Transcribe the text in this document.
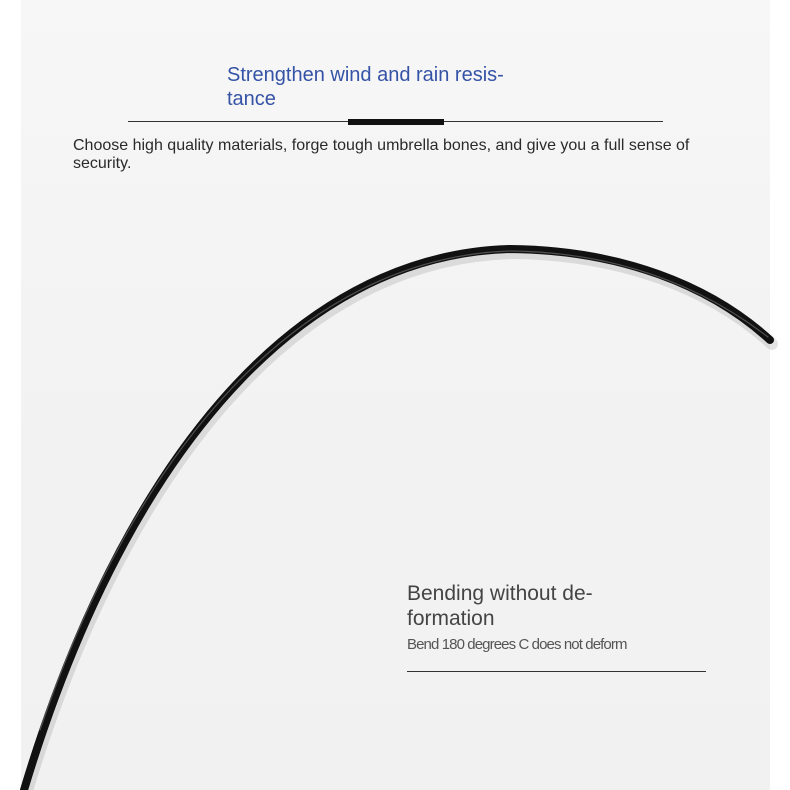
Strengthen wind and rain resis- tance

Choose high quality materials, forge tough umbrella bones, and give you a full sense of security.

Bending without de- formation

Bend 180 degrees C does not deform
